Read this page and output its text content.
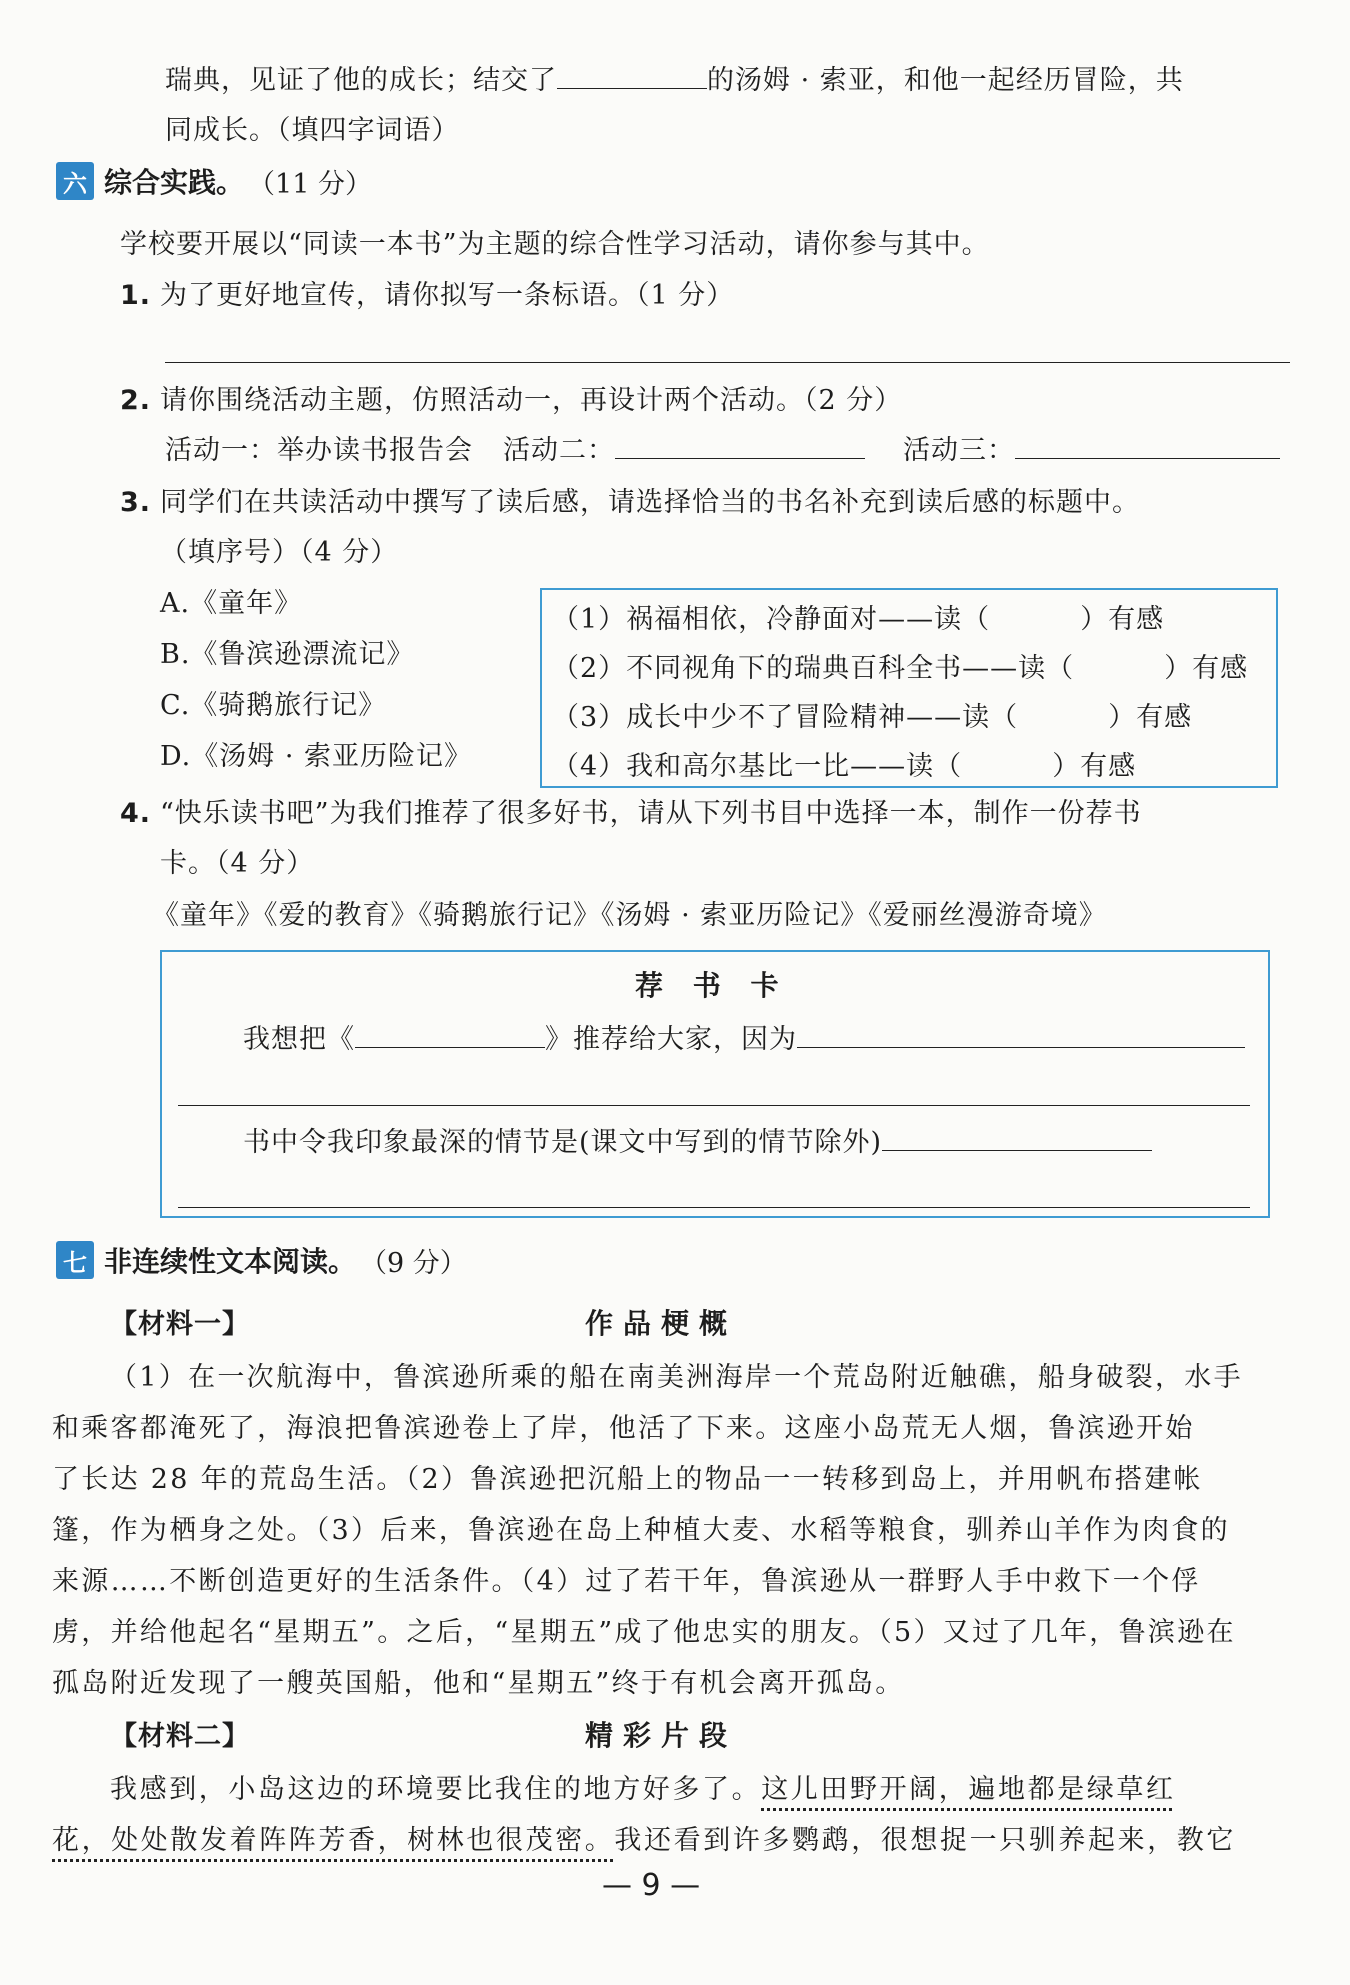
瑞典，见证了他的成长；结交了	的汤姆 · 索亚，和他一起经历冒险，共
同成长。（填四字词语）
六 综合实践。 （11 分）
学校要开展以“同读一本书”为主题的综合性学习活动，请你参与其中。
1. 为了更好地宣传，请你拟写一条标语。（1 分）
2. 请你围绕活动主题，仿照活动一，再设计两个活动。（2 分）
活动一：举办读书报告会 活动二：	活动三：
3. 同学们在共读活动中撰写了读后感，请选择恰当的书名补充到读后感的标题中。
（填序号）（4 分）
A.《童年》
B.《鲁滨逊漂流记》
C.《骑鹅旅行记》
D.《汤姆 · 索亚历险记》
（1）祸福相依，冷静面对——读（	）有感
（2）不同视角下的瑞典百科全书——读（	）有感
（3）成长中少不了冒险精神——读（	）有感
（4）我和高尔基比一比——读（	）有感
4. “快乐读书吧”为我们推荐了很多好书，请从下列书目中选择一本，制作一份荐书
卡。（4 分）
《童年》《爱的教育》《骑鹅旅行记》《汤姆 · 索亚历险记》《爱丽丝漫游奇境》
荐 书 卡
我想把《	》推荐给大家，因为
书中令我印象最深的情节是(课文中写到的情节除外)
七 非连续性文本阅读。 （9 分）
【材料一】	作品梗概
（1）在一次航海中，鲁滨逊所乘的船在南美洲海岸一个荒岛附近触礁，船身破裂，水手
和乘客都淹死了，海浪把鲁滨逊卷上了岸，他活了下来。这座小岛荒无人烟，鲁滨逊开始
了长达 28 年的荒岛生活。（2）鲁滨逊把沉船上的物品一一转移到岛上，并用帆布搭建帐
篷，作为栖身之处。（3）后来，鲁滨逊在岛上种植大麦、水稻等粮食，驯养山羊作为肉食的
来源……不断创造更好的生活条件。（4）过了若干年，鲁滨逊从一群野人手中救下一个俘
虏，并给他起名“星期五”。之后，“星期五”成了他忠实的朋友。（5）又过了几年，鲁滨逊在
孤岛附近发现了一艘英国船，他和“星期五”终于有机会离开孤岛。
【材料二】	精彩片段
我感到，小岛这边的环境要比我住的地方好多了。这儿田野开阔，遍地都是绿草红
花，处处散发着阵阵芳香，树林也很茂密。我还看到许多鹦鹉，很想捉一只驯养起来，教它
— 9 —
